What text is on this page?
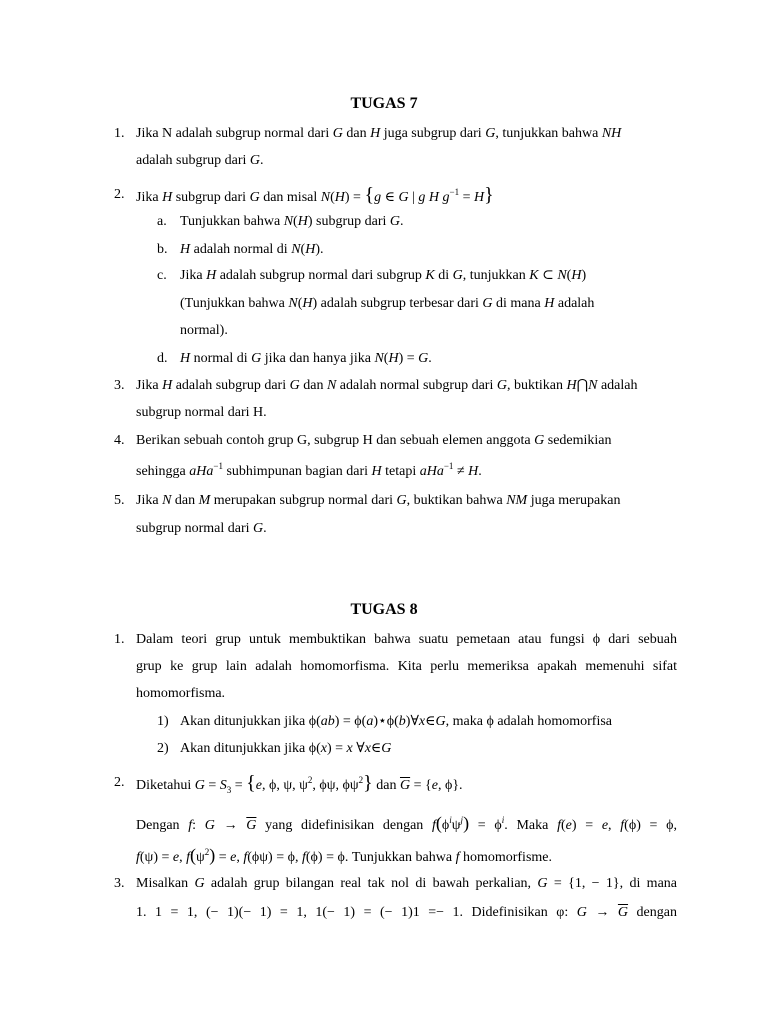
TUGAS 7
1. Jika N adalah subgrup normal dari G dan H juga subgrup dari G, tunjukkan bahwa NH
adalah subgrup dari G.
2. Jika H subgrup dari G dan misal N(H) = {g ∈ G | g H $g^{-1} = H$}
a. Tunjukkan bahwa N(H) subgrup dari G.
b. H adalah normal di N(H).
c. Jika H adalah subgrup normal dari subgrup K di G, tunjukkan K ⊂ N(H)
(Tunjukkan bahwa N(H) adalah subgrup terbesar dari G di mana H adalah
normal).
d. H normal di G jika dan hanya jika N(H) = G.
3. Jika H adalah subgrup dari G dan N adalah normal subgrup dari G, buktikan H⋂N adalah
subgrup normal dari H.
4. Berikan sebuah contoh grup G, subgrup H dan sebuah elemen anggota G sedemikian
sehingga aHa$^{-1}$ subhimpunan bagian dari H tetapi aHa$^{-1}$ ≠ H.
5. Jika N dan M merupakan subgrup normal dari G, buktikan bahwa NM juga merupakan
subgrup normal dari G.
TUGAS 8
1. Dalam teori grup untuk membuktikan bahwa suatu pemetaan atau fungsi ϕ dari sebuah
grup ke grup lain adalah homomorfisma. Kita perlu memeriksa apakah memenuhi sifat
homomorfisma.
1) Akan ditunjukkan jika ϕ(ab) = ϕ(a)⋆ϕ(b)∀x∈G, maka ϕ adalah homomorfisa
2) Akan ditunjukkan jika ϕ(x) = x ∀x∈G
2. Diketahui $G = S_3 = \{e$, ϕ, ψ, $\psi^2$, ϕψ, $\phi\psi^2$} dan $\overline{G} = \{e$, ϕ}.
Dengan f: $G \to \overline{G}$ yang didefinisikan dengan $f(\phi^i\psi^j) = \phi^i$. Maka f(e) = e, f(ϕ) = ϕ,
f(ψ) = e, $f(\psi^2) = e$, f(ϕψ) = ϕ, f(ϕ) = ϕ. Tunjukkan bahwa f homomorfisme.
3. Misalkan G adalah grup bilangan real tak nol di bawah perkalian, G = {1, − 1}, di mana
1. 1 = 1, (− 1)(− 1) = 1, 1(− 1) = (− 1)1 =− 1. Didefinisikan φ: $G \to \overline{G}$ dengan
